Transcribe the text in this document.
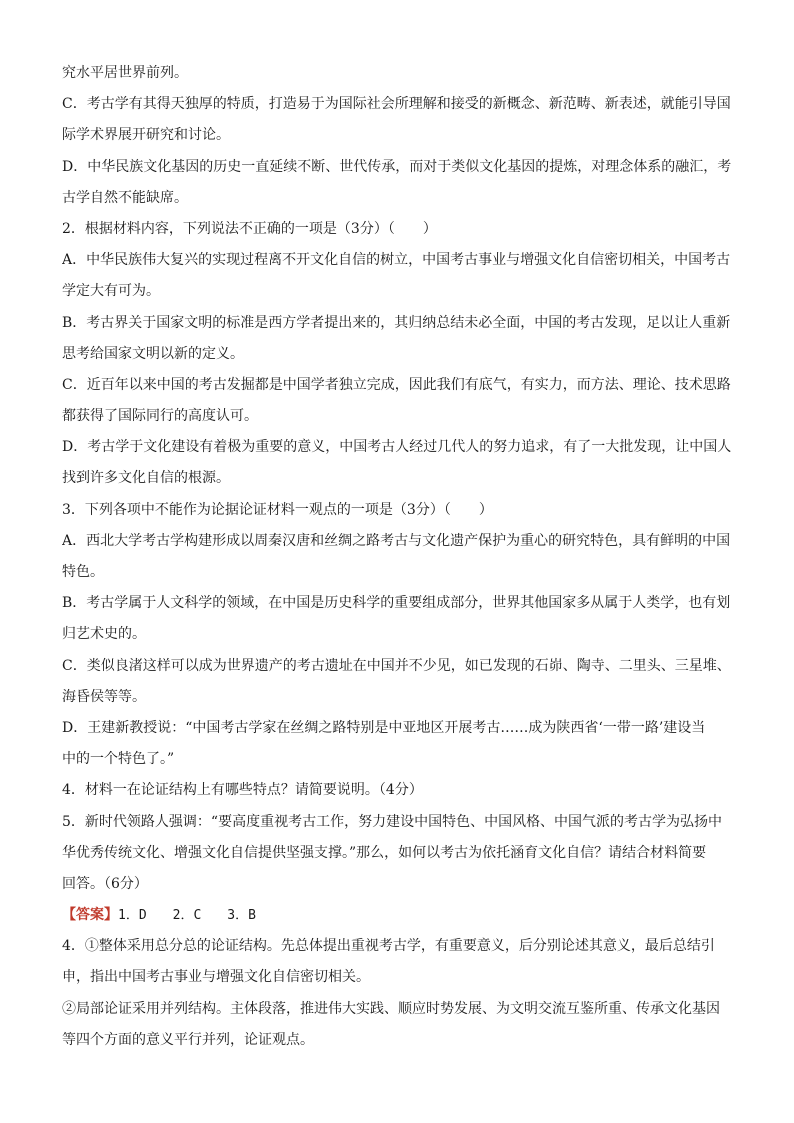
究水平居世界前列。
C．考古学有其得天独厚的特质，打造易于为国际社会所理解和接受的新概念、新范畴、新表述，就能引导国
际学术界展开研究和讨论。
D．中华民族文化基因的历史一直延续不断、世代传承，而对于类似文化基因的提炼，对理念体系的融汇，考
古学自然不能缺席。
2．根据材料内容，下列说法不正确的一项是（3分）（　　）
A．中华民族伟大复兴的实现过程离不开文化自信的树立，中国考古事业与增强文化自信密切相关，中国考古
学定大有可为。
B．考古界关于国家文明的标准是西方学者提出来的，其归纳总结未必全面，中国的考古发现，足以让人重新
思考给国家文明以新的定义。
C．近百年以来中国的考古发掘都是中国学者独立完成，因此我们有底气，有实力，而方法、理论、技术思路
都获得了国际同行的高度认可。
D．考古学于文化建设有着极为重要的意义，中国考古人经过几代人的努力追求，有了一大批发现，让中国人
找到许多文化自信的根源。
3．下列各项中不能作为论据论证材料一观点的一项是（3分）（　　）
A．西北大学考古学构建形成以周秦汉唐和丝绸之路考古与文化遗产保护为重心的研究特色，具有鲜明的中国
特色。
B．考古学属于人文科学的领域，在中国是历史科学的重要组成部分，世界其他国家多从属于人类学，也有划
归艺术史的。
C．类似良渚这样可以成为世界遗产的考古遗址在中国并不少见，如已发现的石峁、陶寺、二里头、三星堆、
海昏侯等等。
D．王建新教授说：“中国考古学家在丝绸之路特别是中亚地区开展考古……成为陕西省‘一带一路’建设当
中的一个特色了。”
4．材料一在论证结构上有哪些特点？请简要说明。（4分）
5．新时代领路人强调：“要高度重视考古工作，努力建设中国特色、中国风格、中国气派的考古学为弘扬中
华优秀传统文化、增强文化自信提供坚强支撑。”那么，如何以考古为依托涵育文化自信？请结合材料简要
回答。（6分）
【答案】1．D　　2．C　　3．B
4．①整体采用总分总的论证结构。先总体提出重视考古学，有重要意义，后分别论述其意义，最后总结引
申，指出中国考古事业与增强文化自信密切相关。
②局部论证采用并列结构。主体段落，推进伟大实践、顺应时势发展、为文明交流互鉴所重、传承文化基因
等四个方面的意义平行并列，论证观点。
